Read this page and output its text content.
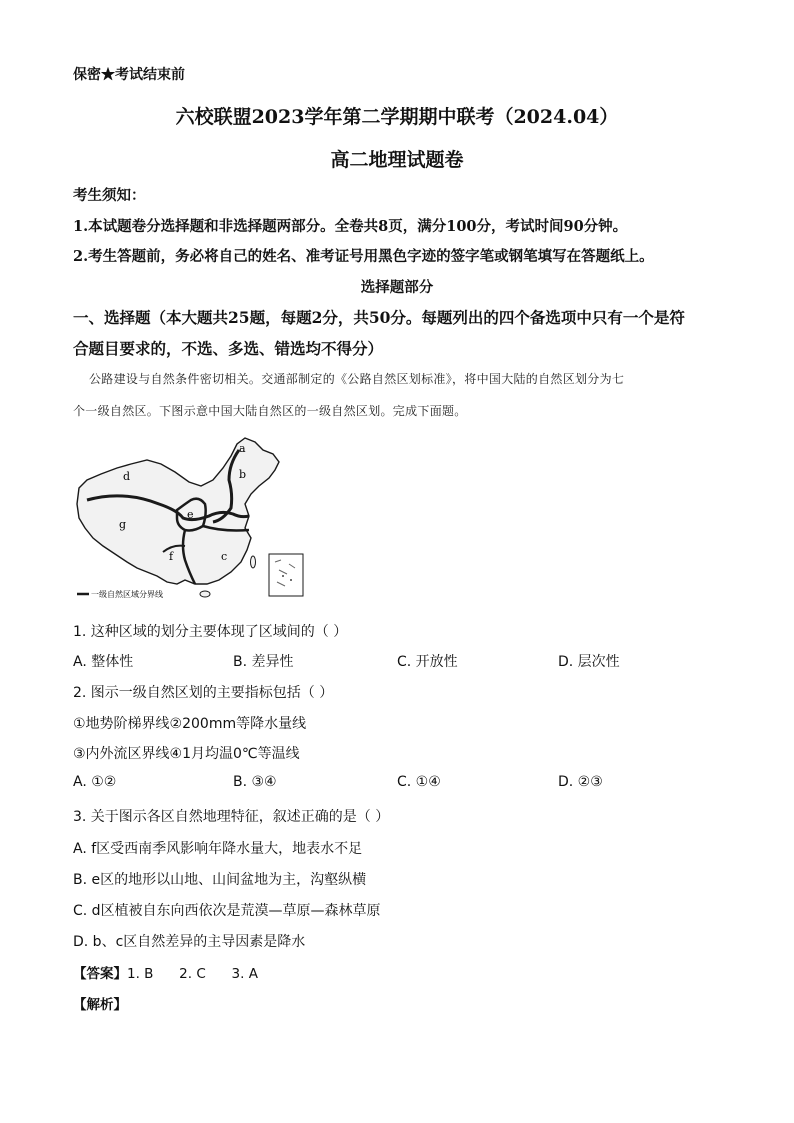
保密★考试结束前
六校联盟2023学年第二学期期中联考（2024.04）
高二地理试题卷
考生须知：
1.本试题卷分选择题和非选择题两部分。全卷共8页，满分100分，考试时间90分钟。
2.考生答题前，务必将自己的姓名、准考证号用黑色字迹的签字笔或钢笔填写在答题纸上。
选择题部分
一、选择题（本大题共25题，每题2分，共50分。每题列出的四个备选项中只有一个是符
合题目要求的，不选、多选、错选均不得分）
公路建设与自然条件密切相关。交通部制定的《公路自然区划标准》，将中国大陆的自然区划分为七
个一级自然区。下图示意中国大陆自然区的一级自然区划。完成下面题。
a
b
c
d
e
f
g
一级自然区域分界线
1. 这种区域的划分主要体现了区域间的（ ）
A. 整体性	B. 差异性	C. 开放性	D. 层次性
2. 图示一级自然区划的主要指标包括（ ）
①地势阶梯界线②200mm等降水量线
③内外流区界线④1月均温0℃等温线
A. ①②	B. ③④	C. ①④	D. ②③
3. 关于图示各区自然地理特征，叙述正确的是（ ）
A. f区受西南季风影响年降水量大，地表水不足
B. e区的地形以山地、山间盆地为主，沟壑纵横
C. d区植被自东向西依次是荒漠—草原—森林草原
D. b、c区自然差异的主导因素是降水
【答案】1. B      2. C      3. A
【解析】
